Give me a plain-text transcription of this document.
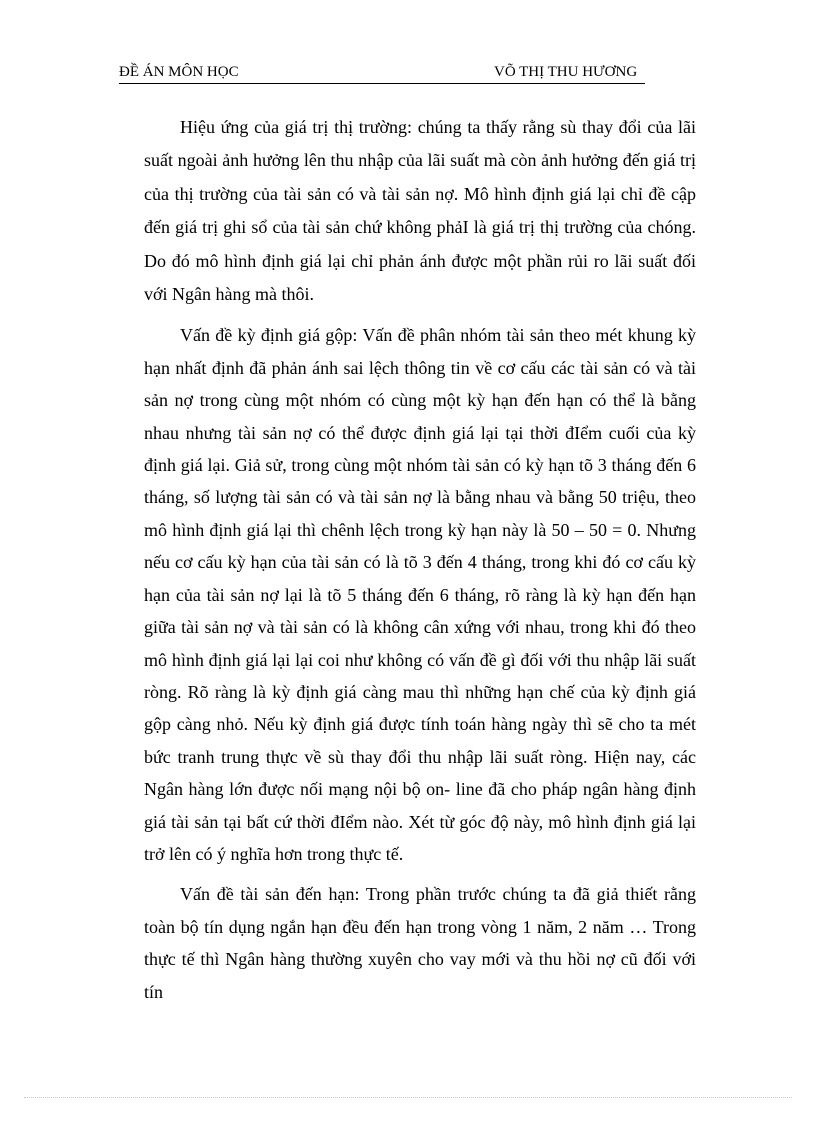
ĐỀ ÁN MÔN HỌC	VÕ THỊ THU HƯƠNG

Hiệu ứng của giá trị thị trường: chúng ta thấy rằng sù thay đổi của lãi suất ngoài ảnh hưởng lên thu nhập của lãi suất mà còn ảnh hưởng đến giá trị của thị trường của tài sản có và tài sản nợ. Mô hình định giá lại chỉ đề cập đến giá trị ghi sổ của tài sản chứ không phảI là giá trị thị trường của chóng. Do đó mô hình định giá lại chỉ phản ánh được một phần rủi ro lãi suất đối với Ngân hàng mà thôi.

Vấn đề kỳ định giá gộp: Vấn đề phân nhóm tài sản theo mét khung kỳ hạn nhất định đã phản ánh sai lệch thông tin về cơ cấu các tài sản có và tài sản nợ trong cùng một nhóm có cùng một kỳ hạn đến hạn có thể là bằng nhau nhưng tài sản nợ có thể được định giá lại tại thời đIểm cuối của kỳ định giá lại. Giả sử, trong cùng một nhóm tài sản có kỳ hạn tõ 3 tháng đến 6 tháng, số lượng tài sản có và tài sản nợ là bằng nhau và bằng 50 triệu, theo mô hình định giá lại thì chênh lệch trong kỳ hạn này là 50 – 50 = 0. Nhưng nếu cơ cấu kỳ hạn của tài sản có là tõ 3 đến 4 tháng, trong khi đó cơ cấu kỳ hạn của tài sản nợ lại là tõ 5 tháng đến 6 tháng, rõ ràng là kỳ hạn đến hạn giữa tài sản nợ và tài sản có là không cân xứng với nhau, trong khi đó theo mô hình định giá lại lại coi như không có vấn đề gì đối với thu nhập lãi suất ròng. Rõ ràng là kỳ định giá càng mau thì những hạn chế của kỳ định giá gộp càng nhỏ. Nếu kỳ định giá được tính toán hàng ngày thì sẽ cho ta mét bức tranh trung thực về sù thay đổi thu nhập lãi suất ròng. Hiện nay, các Ngân hàng lớn được nối mạng nội bộ on- line đã cho pháp ngân hàng định giá tài sản tại bất cứ thời đIểm nào. Xét từ góc độ này, mô hình định giá lại trở lên có ý nghĩa hơn trong thực tế.

Vấn đề tài sản đến hạn: Trong phần trước chúng ta đã giả thiết rằng toàn bộ tín dụng ngắn hạn đều đến hạn trong vòng 1 năm, 2 năm … Trong thực tế thì Ngân hàng thường xuyên cho vay mới và thu hồi nợ cũ đối với tín
